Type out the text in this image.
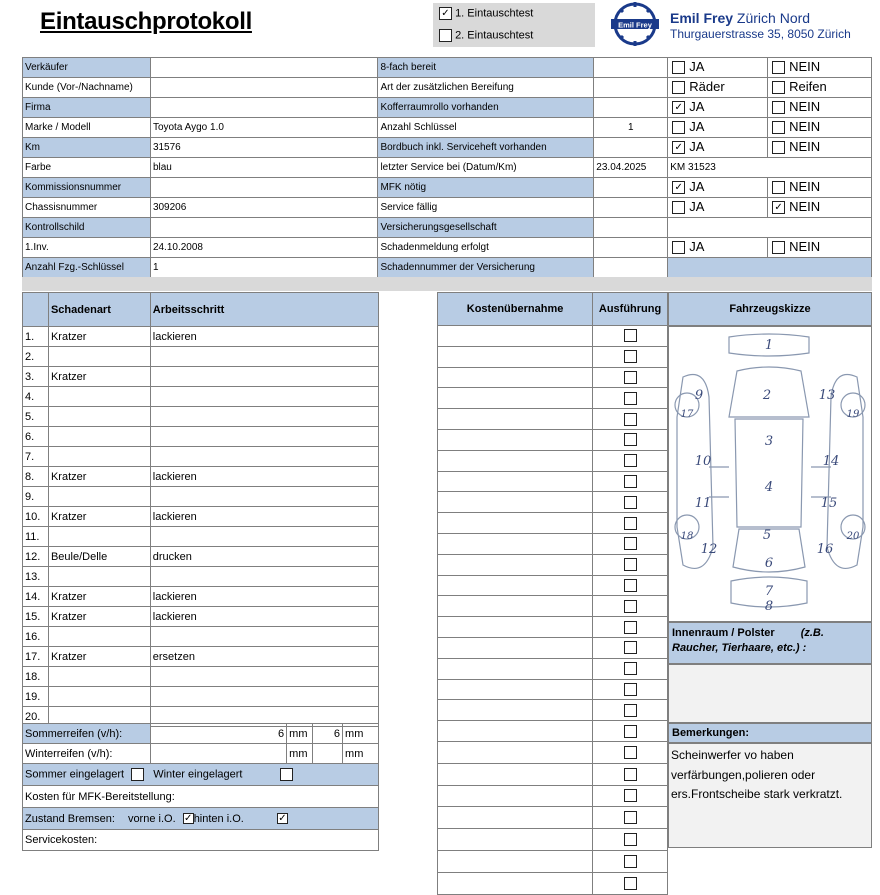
Eintauschprotokoll	✓ 1. Eintauschtest
2. Eintauschtest
Emil Frey Emil Frey Zürich Nord
Thurgauerstrasse 35, 8050 Zürich
Verkäufer		8-fach bereit		JA	NEIN
Kunde (Vor-/Nachname)		Art der zusätzlichen Bereifung		Räder	Reifen
Firma		Kofferraumrollo vorhanden		✓ JA	NEIN
Marke / Modell	Toyota Aygo 1.0	Anzahl Schlüssel	1	JA	NEIN
Km	31576	Bordbuch inkl. Serviceheft vorhanden		✓ JA	NEIN
Farbe	blau	letzter Service bei (Datum/Km)	23.04.2025	KM 31523	
Kommissionsnummer		MFK nötig		✓ JA	NEIN
Chassisnummer	309206	Service fällig		JA	✓ NEIN
Kontrollschild		Versicherungsgesellschaft			
1.Inv.	24.10.2008	Schadenmeldung erfolgt		JA	NEIN
Anzahl Fzg.-Schlüssel	1	Schadennummer der Versicherung			
	Schadenart	Arbeitsschritt
1.	Kratzer	lackieren
2.		
3.	Kratzer	
4.		
5.		
6.		
7.		
8.	Kratzer	lackieren
9.		
10.	Kratzer	lackieren
11.		
12.	Beule/Delle	drucken
13.		
14.	Kratzer	lackieren
15.	Kratzer	lackieren
16.		
17.	Kratzer	ersetzen
18.		
19.		
20.		
Kostenübernahme	Ausführung

		Fahrzeugskizze
1
2
3
4
5
6
7
8
9
10
11
12
13
14
15
16
17
18
19
20
Innenraum / Polster (z.B.
Raucher, Tierhaare, etc.) :
Bemerkungen:
Scheinwerfer vo haben
verfärbungen,polieren oder
ers.Frontscheibe stark verkratzt.
Sommerreifen (v/h):	6	mm	6	mm
Winterreifen (v/h):		mm		mm
Sommer eingelagert Winter eingelagert				
Kosten für MFK-Bereitstellung:				
Zustand Bremsen: vorne i.O. ✓hinten i.O. ✓				
Servicekosten:				
